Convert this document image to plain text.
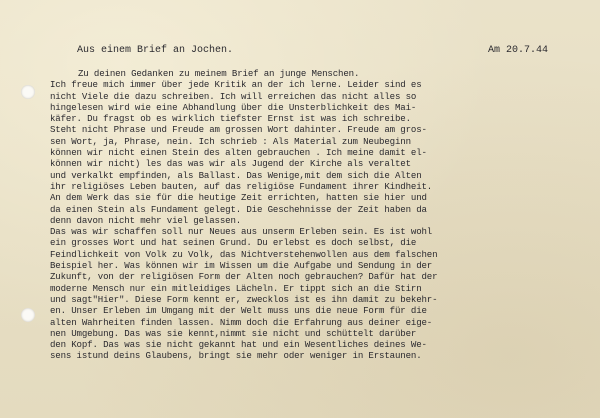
Aus einem Brief an Jochen.	Am 20.7.44
Zu deinen Gedanken zu meinem Brief an junge Menschen.
Ich freue mich immer über jede Kritik an der ich lerne. Leider sind es
nicht Viele die dazu schreiben. Ich will erreichen das nicht alles so
hingelesen wird wie eine Abhandlung über die Unsterblichkeit des Mai-
käfer. Du fragst ob es wirklich tiefster Ernst ist was ich schreibe.
Steht nicht Phrase und Freude am grossen Wort dahinter. Freude am gros-
sen Wort, ja, Phrase, nein. Ich schrieb : Als Material zum Neubeginn
können wir nicht einen Stein des alten gebrauchen . Ich meine damit el-
können wir nicht) les das was wir als Jugend der Kirche als veraltet
und verkalkt empfinden, als Ballast. Das Wenige,mit dem sich die Alten
ihr religiöses Leben bauten, auf das religiöse Fundament ihrer Kindheit.
An dem Werk das sie für die heutige Zeit errichten, hatten sie hier und
da einen Stein als Fundament gelegt. Die Geschehnisse der Zeit haben da
denn davon nicht mehr viel gelassen.
Das was wir schaffen soll nur Neues aus unserm Erleben sein. Es ist wohl
ein grosses Wort und hat seinen Grund. Du erlebst es doch selbst, die
Feindlichkeit von Volk zu Volk, das Nichtverstehenwollen aus dem falschen
Beispiel her. Was können wir im Wissen um die Aufgabe und Sendung in der
Zukunft, von der religiösen Form der Alten noch gebrauchen? Dafür hat der
moderne Mensch nur ein mitleidiges Lächeln. Er tippt sich an die Stirn
und sagt"Hier". Diese Form kennt er, zwecklos ist es ihn damit zu bekehr-
en. Unser Erleben im Umgang mit der Welt muss uns die neue Form für die
alten Wahrheiten finden lassen. Nimm doch die Erfahrung aus deiner eige-
nen Umgebung. Das was sie kennt,nimmt sie nicht und schüttelt darüber
den Kopf. Das was sie nicht gekannt hat und ein Wesentliches deines We-
sens istund deins Glaubens, bringt sie mehr oder weniger in Erstaunen.
